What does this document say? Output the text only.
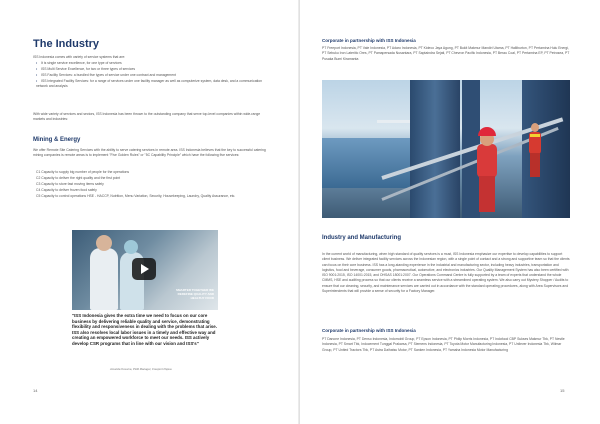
The Industry
ISS Indonesia comes with variety of service systems that are:
• It is single service excellence, for one type of services
• ISS Multi Service Excellence, for two or three types of services
• ISS Facility Services: a bundled five types of service under one contract and management
• ISS Integrated Facility Services: for a range of services under one facility manager as well as computerize system, data desk, and a communication network and analysis
With wide variety of services and sectors, ISS Indonesia has been thrown to the outstanding company that serve top-level companies within wide-range markets and industries:
Mining & Energy
We offer Remote Site Catering Services with the ability to serve catering services in remote area. ISS Indonesia believes that the key to successful catering mining companies is remote areas is to implement "Five Golden Rules" or "5C Capability Principle" which have the following five services:
C1 Capacity to supply big number of people for the operations
C2 Capacity to deliver the right quality and the first point
C3 Capacity to store fast moving items safely
C4 Capacity to deliver frozen food safely
C5 Capacity to control operations HSE - HACCP, Nutrition, Menu Variation, Security, Housekeeping, Laundry, Quality Assurance, etc.
SMARTER TOGETHER WE REDEFINE QUALITY AND HEALTHY FOOD
"ISS Indonesia gives the extra time we need to focus on our core business by delivering reliable quality and service, demonstrating flexibility and responsiveness in dealing with the problems that arise. ISS also resolves local labor issues in a timely and effective way and creating an empowered workforce to meet our needs. ISS actively develop CSR programs that in line with our vision and ISS's"
Amanda Kusuma, PHR Manager, Freeport Papua
Corporate in partnership with ISS Indonesia
PT Freeport Indonesia, PT Vale Indonesia, PT Adaro Indonesia, PT Kideco Jaya Agung, PT Bukit Makmur Mandiri Utama, PT Halliburton, PT Pertamina Hulu Energi, PT Sebuku Iron Lateritic Ores, PT Pamapersada Nusantara, PT Saptaindra Sejati, PT Chevron Pacific Indonesia, PT Berau Coal, PT Pertamina EP, PT Petrosea, PT Pusaka Bumi Kiramanta
Industry and Manufacturing
In the current world of manufacturing, when high standard of quality services is a must, ISS Indonesia emphasize our expertise to develop capabilities to support client business. We deliver integrated facility services across the Indonesian region, with a single point of contact and a strong and supportive team so that the clients can focus on their core business. ISS has a long-standing experience in the industrial and manufacturing sector, including heavy industries, transportation and logistics, food and beverage, consumer goods, pharmaceutical, automotive, and electronics industries. Our Quality Management System has also been certified with ISO 9001:2015, ISO 14001:2015, and OHSAS 18001:2007. Our Operations Command Centre is fully supported by a team of experts that understand the whole CMMS, HSE and auditing process so that our clients receive a seamless service with a streamlined operating system. We also carry out Mystery Shopper / Audits to ensure that our cleaning, security, and maintenance services are carried out in accordance with the standard operating procedures, along with Area Supervisors and Superintendents that will provide a sense of security for a Factory Manager.
Corporate in partnership with ISS Indonesia
PT Danone Indonesia, PT Denso Indonesia, Indomobil Group, PT Epson Indonesia, PT Philip Morris Indonesia, PT Indofood CBP Sukses Makmur Tbk, PT Nestle Indonesia, PT Smart Tbk, Indocement Tunggal Prakarsa, PT Siemens Indonesia, PT Toyota Motor Manufacturing Indonesia, PT Unilever Indonesia Tbk, Wilmar Group, PT United Tractors Tbk, PT Astra Daihatsu Motor, PT Sanken Indonesia, PT Yamaha Indonesia Motor Manufacturing
14	15
